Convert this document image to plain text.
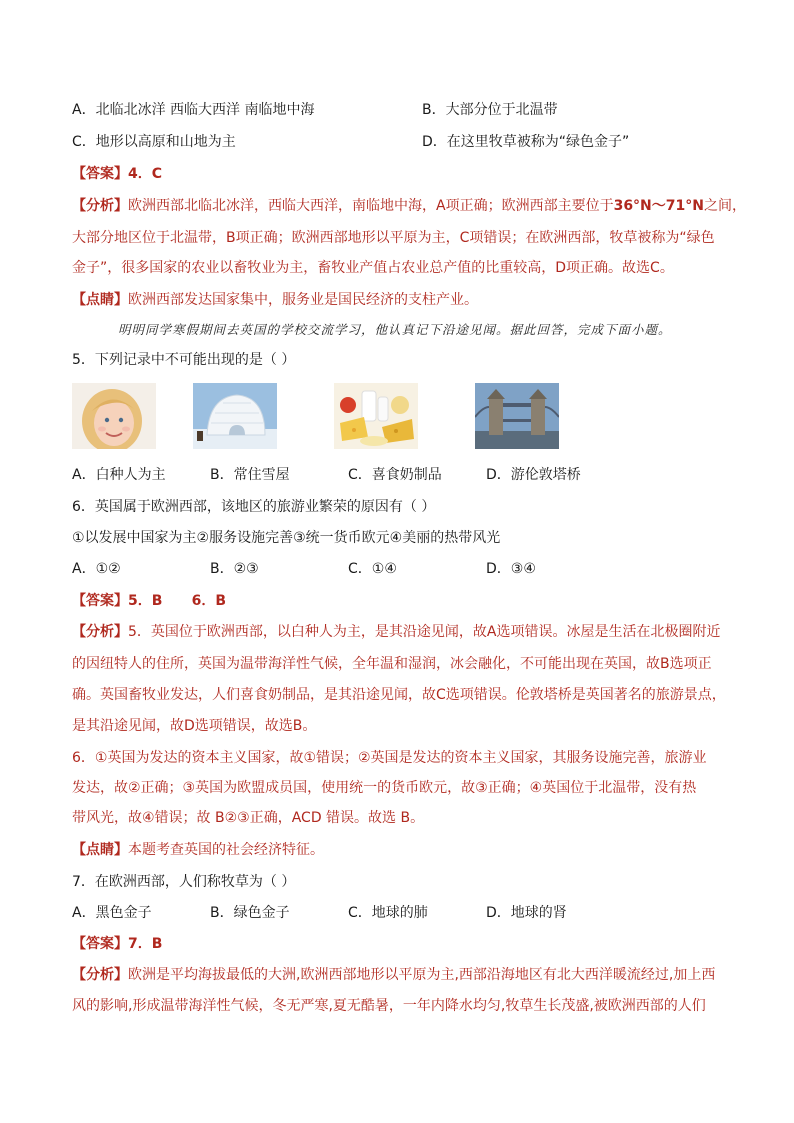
A．北临北冰洋 西临大西洋 南临地中海	B．大部分位于北温带
C．地形以高原和山地为主	D．在这里牧草被称为“绿色金子”
【答案】4．C
【分析】欧洲西部北临北冰洋，西临大西洋，南临地中海，A项正确；欧洲西部主要位于36°N～71°N之间，
大部分地区位于北温带，B项正确；欧洲西部地形以平原为主，C项错误；在欧洲西部，牧草被称为“绿色
金子”，很多国家的农业以畜牧业为主，畜牧业产值占农业总产值的比重较高，D项正确。故选C。
【点睛】欧洲西部发达国家集中，服务业是国民经济的支柱产业。
明明同学寒假期间去英国的学校交流学习，他认真记下沿途见闻。据此回答，完成下面小题。
5．下列记录中不可能出现的是（ ）
A．白种人为主	B．常住雪屋	C．喜食奶制品	D．游伦敦塔桥
6．英国属于欧洲西部，该地区的旅游业繁荣的原因有（ ）
①以发展中国家为主②服务设施完善③统一货币欧元④美丽的热带风光
A．①②	B．②③	C．①④	D．③④
【答案】5．B      6．B
【分析】5．英国位于欧洲西部，以白种人为主，是其沿途见闻，故A选项错误。冰屋是生活在北极圈附近
的因纽特人的住所，英国为温带海洋性气候，全年温和湿润，冰会融化，不可能出现在英国，故B选项正
确。英国畜牧业发达，人们喜食奶制品，是其沿途见闻，故C选项错误。伦敦塔桥是英国著名的旅游景点，
是其沿途见闻，故D选项错误，故选B。
6．①英国为发达的资本主义国家，故①错误；②英国是发达的资本主义国家，其服务设施完善，旅游业
发达，故②正确；③英国为欧盟成员国，使用统一的货币欧元，故③正确；④英国位于北温带，没有热
带风光，故④错误；故 B②③正确，ACD 错误。故选 B。
【点睛】本题考查英国的社会经济特征。
7．在欧洲西部，人们称牧草为（ ）
A．黑色金子	B．绿色金子	C．地球的肺	D．地球的肾
【答案】7．B
【分析】欧洲是平均海拔最低的大洲,欧洲西部地形以平原为主,西部沿海地区有北大西洋暖流经过,加上西
风的影响,形成温带海洋性气候，冬无严寒,夏无酷暑，一年内降水均匀,牧草生长茂盛,被欧洲西部的人们
